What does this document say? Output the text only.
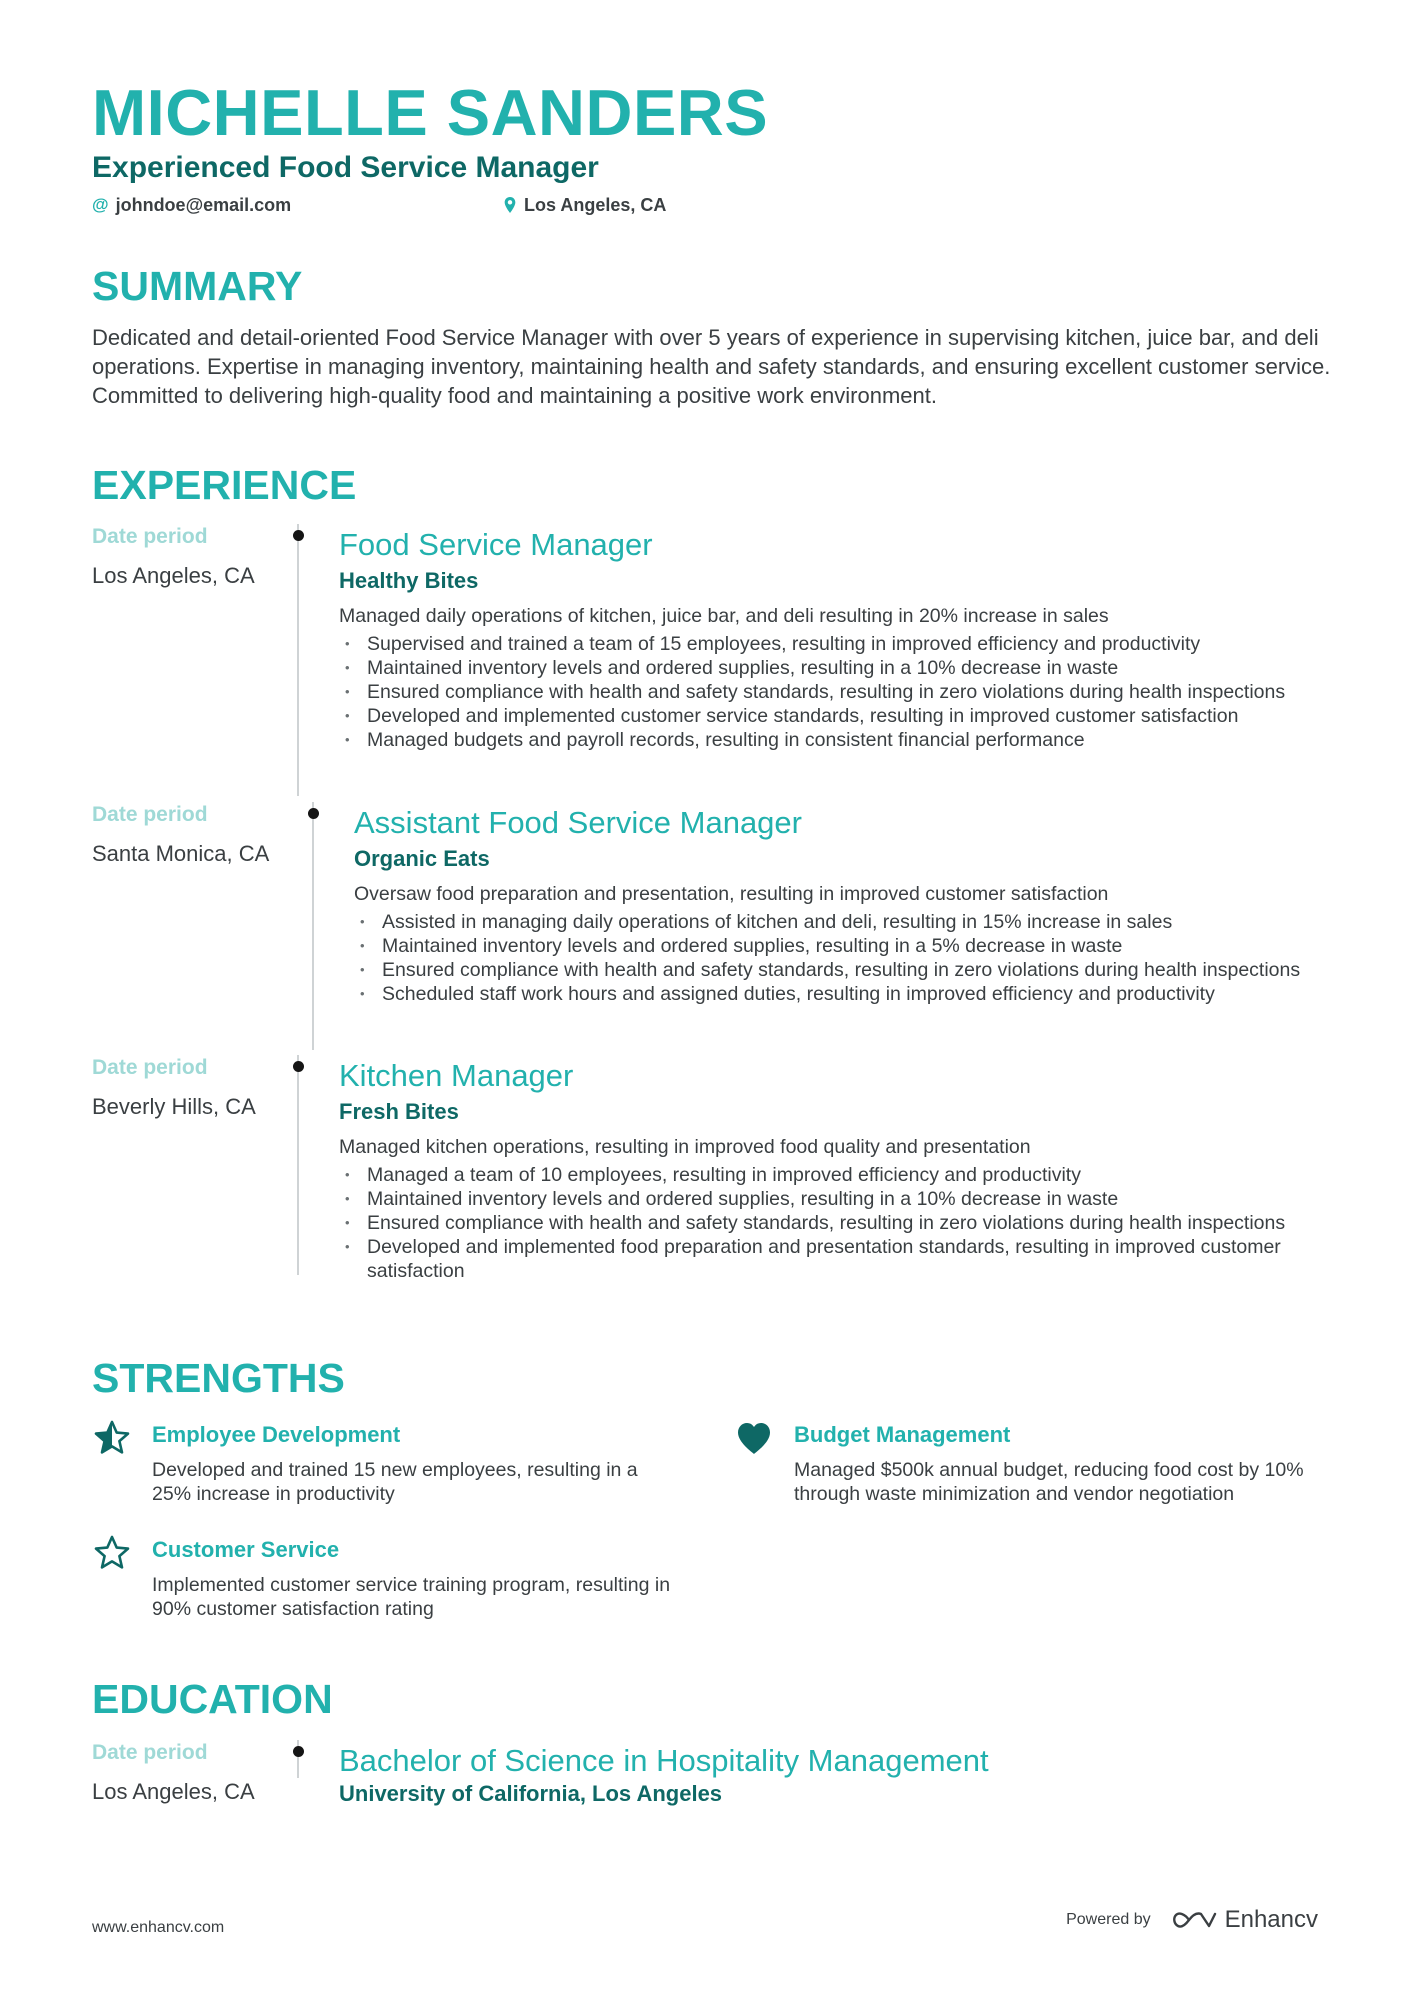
MICHELLE SANDERS
Experienced Food Service Manager
@ johndoe@email.com	Los Angeles, CA
SUMMARY
Dedicated and detail-oriented Food Service Manager with over 5 years of experience in supervising kitchen, juice bar, and deli operations. Expertise in managing inventory, maintaining health and safety standards, and ensuring excellent customer service. Committed to delivering high-quality food and maintaining a positive work environment.
EXPERIENCE
Date period
Los Angeles, CA
Food Service Manager
Healthy Bites
Managed daily operations of kitchen, juice bar, and deli resulting in 20% increase in sales
• Supervised and trained a team of 15 employees, resulting in improved efficiency and productivity
• Maintained inventory levels and ordered supplies, resulting in a 10% decrease in waste
• Ensured compliance with health and safety standards, resulting in zero violations during health inspections
• Developed and implemented customer service standards, resulting in improved customer satisfaction
• Managed budgets and payroll records, resulting in consistent financial performance
Date period
Santa Monica, CA
Assistant Food Service Manager
Organic Eats
Oversaw food preparation and presentation, resulting in improved customer satisfaction
• Assisted in managing daily operations of kitchen and deli, resulting in 15% increase in sales
• Maintained inventory levels and ordered supplies, resulting in a 5% decrease in waste
• Ensured compliance with health and safety standards, resulting in zero violations during health inspections
• Scheduled staff work hours and assigned duties, resulting in improved efficiency and productivity
Date period
Beverly Hills, CA
Kitchen Manager
Fresh Bites
Managed kitchen operations, resulting in improved food quality and presentation
• Managed a team of 10 employees, resulting in improved efficiency and productivity
• Maintained inventory levels and ordered supplies, resulting in a 10% decrease in waste
• Ensured compliance with health and safety standards, resulting in zero violations during health inspections
• Developed and implemented food preparation and presentation standards, resulting in improved customer satisfaction
STRENGTHS
Employee Development
Developed and trained 15 new employees, resulting in a 25% increase in productivity
Budget Management
Managed $500k annual budget, reducing food cost by 10% through waste minimization and vendor negotiation
Customer Service
Implemented customer service training program, resulting in 90% customer satisfaction rating
EDUCATION
Date period
Los Angeles, CA
Bachelor of Science in Hospitality Management
University of California, Los Angeles
www.enhancv.com	Powered by	Enhancv
